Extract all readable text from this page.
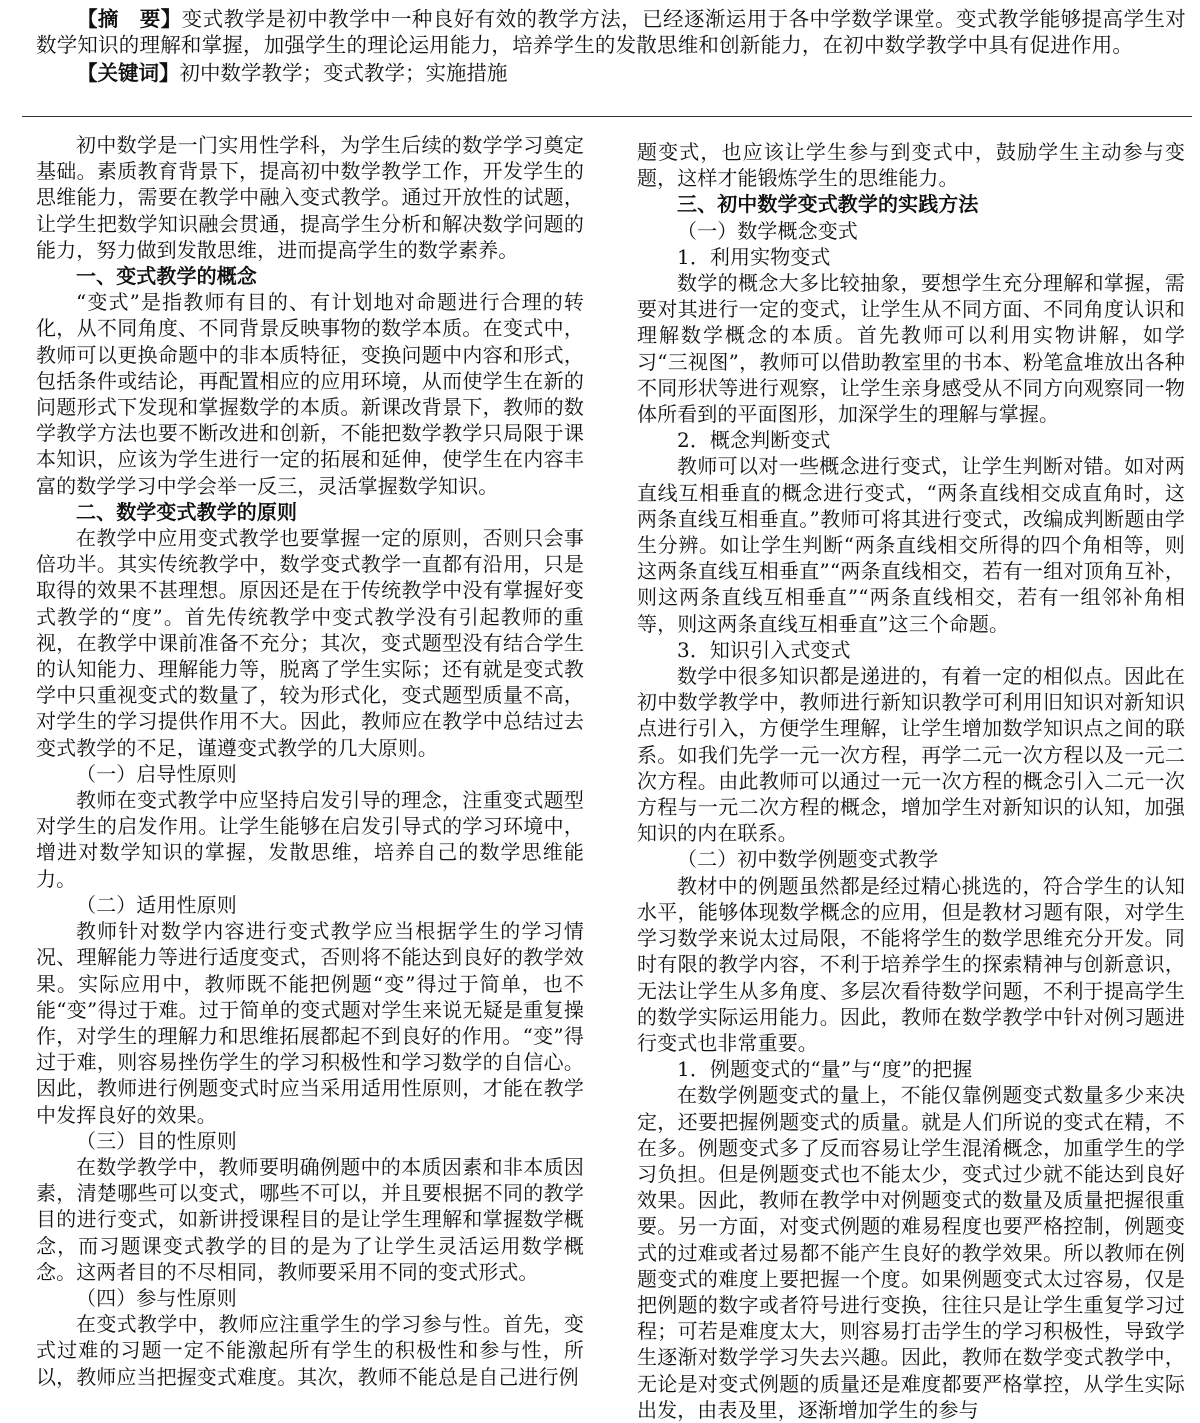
【摘　要】变式教学是初中教学中一种良好有效的教学方法，已经逐渐运用于各中学数学课堂。变式教学能够提高学生对数学知识的理解和掌握，加强学生的理论运用能力，培养学生的发散思维和创新能力，在初中数学教学中具有促进作用。

【关键词】初中数学教学；变式教学；实施措施

初中数学是一门实用性学科，为学生后续的数学学习奠定基础。素质教育背景下，提高初中数学教学工作，开发学生的思维能力，需要在教学中融入变式教学。通过开放性的试题，让学生把数学知识融会贯通，提高学生分析和解决数学问题的能力，努力做到发散思维，进而提高学生的数学素养。

一、变式教学的概念

“变式”是指教师有目的、有计划地对命题进行合理的转化，从不同角度、不同背景反映事物的数学本质。在变式中，教师可以更换命题中的非本质特征，变换问题中内容和形式，包括条件或结论，再配置相应的应用环境，从而使学生在新的问题形式下发现和掌握数学的本质。新课改背景下，教师的数学教学方法也要不断改进和创新，不能把数学教学只局限于课本知识，应该为学生进行一定的拓展和延伸，使学生在内容丰富的数学学习中学会举一反三，灵活掌握数学知识。

二、数学变式教学的原则

在教学中应用变式教学也要掌握一定的原则，否则只会事倍功半。其实传统教学中，数学变式教学一直都有沿用，只是取得的效果不甚理想。原因还是在于传统教学中没有掌握好变式教学的“度”。首先传统教学中变式教学没有引起教师的重视，在教学中课前准备不充分；其次，变式题型没有结合学生的认知能力、理解能力等，脱离了学生实际；还有就是变式教学中只重视变式的数量了，较为形式化，变式题型质量不高，对学生的学习提供作用不大。因此，教师应在教学中总结过去变式教学的不足，谨遵变式教学的几大原则。

（一）启导性原则

教师在变式教学中应坚持启发引导的理念，注重变式题型对学生的启发作用。让学生能够在启发引导式的学习环境中，增进对数学知识的掌握，发散思维，培养自己的数学思维能力。

（二）适用性原则

教师针对数学内容进行变式教学应当根据学生的学习情况、理解能力等进行适度变式，否则将不能达到良好的教学效果。实际应用中，教师既不能把例题“变”得过于简单，也不能“变”得过于难。过于简单的变式题对学生来说无疑是重复操作，对学生的理解力和思维拓展都起不到良好的作用。“变”得过于难，则容易挫伤学生的学习积极性和学习数学的自信心。因此，教师进行例题变式时应当采用适用性原则，才能在教学中发挥良好的效果。

（三）目的性原则

在数学教学中，教师要明确例题中的本质因素和非本质因素，清楚哪些可以变式，哪些不可以，并且要根据不同的教学目的进行变式，如新讲授课程目的是让学生理解和掌握数学概念，而习题课变式教学的目的是为了让学生灵活运用数学概念。这两者目的不尽相同，教师要采用不同的变式形式。

（四）参与性原则

在变式教学中，教师应注重学生的学习参与性。首先，变式过难的习题一定不能激起所有学生的积极性和参与性，所以，教师应当把握变式难度。其次，教师不能总是自己进行例

题变式，也应该让学生参与到变式中，鼓励学生主动参与变题，这样才能锻炼学生的思维能力。

三、初中数学变式教学的实践方法
（一）数学概念变式
1．利用实物变式

数学的概念大多比较抽象，要想学生充分理解和掌握，需要对其进行一定的变式，让学生从不同方面、不同角度认识和理解数学概念的本质。首先教师可以利用实物讲解，如学习“三视图”，教师可以借助教室里的书本、粉笔盒堆放出各种不同形状等进行观察，让学生亲身感受从不同方向观察同一物体所看到的平面图形，加深学生的理解与掌握。

2．概念判断变式

教师可以对一些概念进行变式，让学生判断对错。如对两直线互相垂直的概念进行变式，“两条直线相交成直角时，这两条直线互相垂直。”教师可将其进行变式，改编成判断题由学生分辨。如让学生判断“两条直线相交所得的四个角相等，则这两条直线互相垂直”“两条直线相交，若有一组对顶角互补，则这两条直线互相垂直”“两条直线相交，若有一组邻补角相等，则这两条直线互相垂直”这三个命题。

3．知识引入式变式

数学中很多知识都是递进的，有着一定的相似点。因此在初中数学教学中，教师进行新知识教学可利用旧知识对新知识点进行引入，方便学生理解，让学生增加数学知识点之间的联系。如我们先学一元一次方程，再学二元一次方程以及一元二次方程。由此教师可以通过一元一次方程的概念引入二元一次方程与一元二次方程的概念，增加学生对新知识的认知，加强知识的内在联系。

（二）初中数学例题变式教学

教材中的例题虽然都是经过精心挑选的，符合学生的认知水平，能够体现数学概念的应用，但是教材习题有限，对学生学习数学来说太过局限，不能将学生的数学思维充分开发。同时有限的教学内容，不利于培养学生的探索精神与创新意识，无法让学生从多角度、多层次看待数学问题，不利于提高学生的数学实际运用能力。因此，教师在数学教学中针对例习题进行变式也非常重要。

1．例题变式的“量”与“度”的把握

在数学例题变式的量上，不能仅靠例题变式数量多少来决定，还要把握例题变式的质量。就是人们所说的变式在精，不在多。例题变式多了反而容易让学生混淆概念，加重学生的学习负担。但是例题变式也不能太少，变式过少就不能达到良好效果。因此，教师在教学中对例题变式的数量及质量把握很重要。另一方面，对变式例题的难易程度也要严格控制，例题变式的过难或者过易都不能产生良好的教学效果。所以教师在例题变式的难度上要把握一个度。如果例题变式太过容易，仅是把例题的数字或者符号进行变换，往往只是让学生重复学习过程；可若是难度太大，则容易打击学生的学习积极性，导致学生逐渐对数学学习失去兴趣。因此，教师在数学变式教学中，无论是对变式例题的质量还是难度都要严格掌控，从学生实际出发，由表及里，逐渐增加学生的参与
